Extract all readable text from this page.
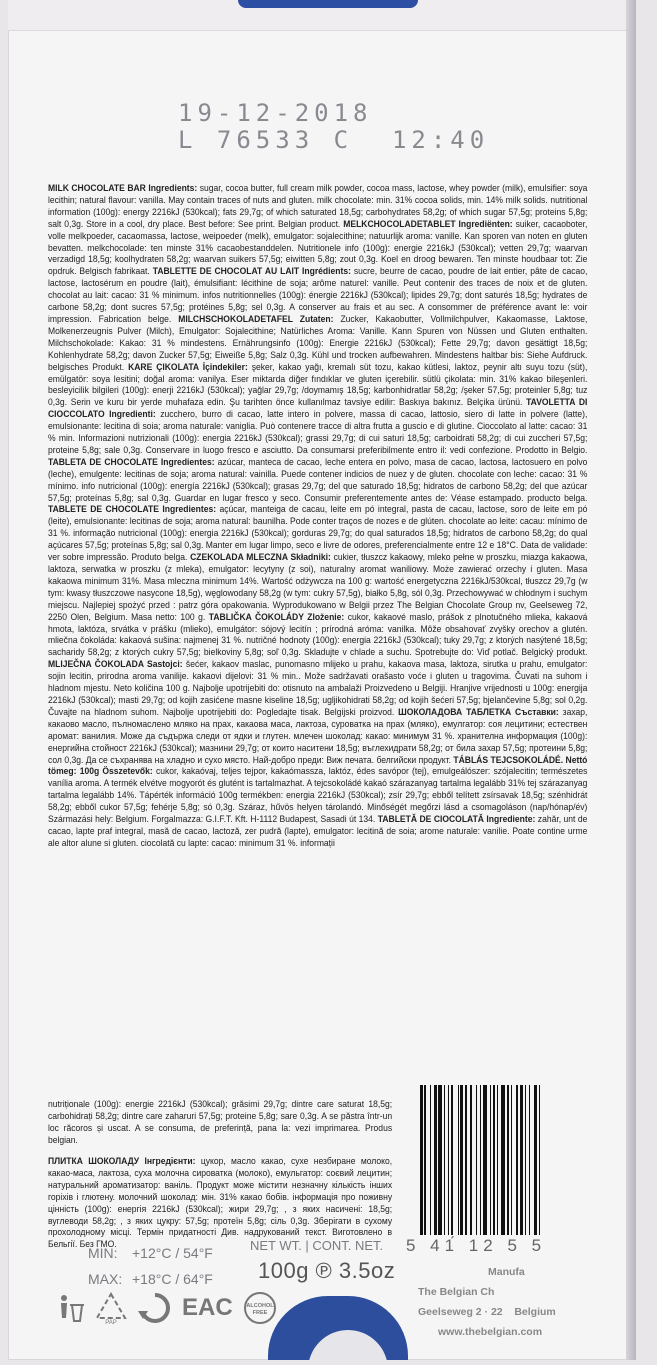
19-12-2018
L 76533 C  12:40

MILK CHOCOLATE BAR Ingredients: sugar, cocoa butter, full cream milk powder, cocoa mass, lactose, whey powder (milk), emulsifier: soya lecithin; natural flavour: vanilla. May contain traces of nuts and gluten. milk chocolate: min. 31% cocoa solids, min. 14% milk solids. nutritional information (100g): energy 2216kJ (530kcal); fats 29,7g; of which saturated 18,5g; carbohydrates 58,2g; of which sugar 57,5g; proteins 5,8g; salt 0,3g. Store in a cool, dry place. Best before: See print. Belgian product.

MELKCHOCOLADETABLET Ingrediënten: suiker, cacaoboter, volle melkpoeder, cacaomassa, lactose, weipoeder (melk), emulgator: sojalecithine; natuurlijk aroma: vanille. Kan sporen van noten en gluten bevatten. melkchocolade: ten minste 31% cacaobestanddelen. Nutritionele info (100g): energie 2216kJ (530kcal); vetten 29,7g; waarvan verzadigd 18,5g; koolhydraten 58,2g; waarvan suikers 57,5g; eiwitten 5,8g; zout 0,3g. Koel en droog bewaren. Ten minste houdbaar tot: Zie opdruk. Belgisch fabrikaat.

TABLETTE DE CHOCOLAT AU LAIT Ingrédients: sucre, beurre de cacao, poudre de lait entier, pâte de cacao, lactose, lactosérum en poudre (lait), émulsifiant: lécithine de soja; arôme naturel: vanille. Peut contenir des traces de noix et de gluten. chocolat au lait: cacao: 31 % minimum. infos nutritionnelles (100g): énergie 2216kJ (530kcal); lipides 29,7g; dont saturés 18,5g; hydrates de carbone 58,2g; dont sucres 57,5g; protéines 5,8g; sel 0,3g. A conserver au frais et au sec. A consommer de préférence avant le: voir impression. Fabrication belge.

MILCHSCHOKOLADETAFEL Zutaten: Zucker, Kakaobutter, Vollmilchpulver, Kakaomasse, Laktose, Molkenerzeugnis Pulver (Milch), Emulgator: Sojalecithine; Natürliches Aroma: Vanille. Kann Spuren von Nüssen und Gluten enthalten. Milchschokolade: Kakao: 31 % mindestens. Ernährungsinfo (100g): Energie 2216kJ (530kcal); Fette 29,7g; davon gesättigt 18,5g; Kohlenhydrate 58,2g; davon Zucker 57,5g; Eiweiße 5,8g; Salz 0,3g. Kühl und trocken aufbewahren. Mindestens haltbar bis: Siehe Aufdruck. belgisches Produkt.

KARE ÇIKOLATA İçindekiler: şeker, kakao yağı, kremalı süt tozu, kakao kütlesi, laktoz, peynir altı suyu tozu (süt), emülgatör: soya lesitini; doğal aroma: vanilya. Eser miktarda diğer fındıklar ve gluten içerebilir. sütlü çikolata: min. 31% kakao bileşenleri. besleyicilik bilgileri (100g): enerji 2216kJ (530kcal); yağlar 29,7g; /doymamış 18,5g; karbonhidratlar 58,2g; /şeker 57,5g; proteinler 5,8g; tuz 0,3g. Serin ve kuru bir yerde muhafaza edin. Şu tarihten önce kullanılmaz tavsiye edilir: Baskıya bakınız. Belçika ürünü.

TAVOLETTA DI CIOCCOLATO Ingredienti: zucchero, burro di cacao, latte intero in polvere, massa di cacao, lattosio, siero di latte in polvere (latte), emulsionante: lecitina di soia; aroma naturale: vaniglia. Può contenere tracce di altra frutta a guscio e di glutine. Cioccolato al latte: cacao: 31 % min. Informazioni nutrizionali (100g): energia 2216kJ (530kcal); grassi 29,7g; di cui saturi 18,5g; carboidrati 58,2g; di cui zuccheri 57,5g; proteine 5,8g; sale 0,3g. Conservare in luogo fresco e asciutto. Da consumarsi preferibilmente entro il: vedi confezione. Prodotto in Belgio.

TABLETA DE CHOCOLATE Ingredientes: azúcar, manteca de cacao, leche entera en polvo, masa de cacao, lactosa, lactosuero en polvo (leche), emulgente: lecitinas de soja; aroma natural: vainilla. Puede contener indicios de nuez y de gluten. chocolate con leche: cacao: 31 % mínimo. info nutricional (100g): energía 2216kJ (530kcal); grasas 29,7g; del que saturado 18,5g; hidratos de carbono 58,2g; del que azúcar 57,5g; proteínas 5,8g; sal 0,3g. Guardar en lugar fresco y seco. Consumir preferentemente antes de: Véase estampado. producto belga.

TABLETE DE CHOCOLATE Ingredientes: açúcar, manteiga de cacau, leite em pó integral, pasta de cacau, lactose, soro de leite em pó (leite), emulsionante: lecitinas de soja; aroma natural: baunilha. Pode conter traços de nozes e de glúten. chocolate ao leite: cacau: mínimo de 31 %. informação nutricional (100g): energia 2216kJ (530kcal); gorduras 29,7g; do qual saturados 18,5g; hidratos de carbono 58,2g; do qual açúcares 57,5g; proteínas 5,8g; sal 0,3g. Manter em lugar limpo, seco e livre de odores, preferencialmente entre 12 e 18°C. Data de validade: ver sobre impressão. Produto belga.

CZEKOLADA MLECZNA Składniki: cukier, tłuszcz kakaowy, mleko pełne w proszku, miazga kakaowa, laktoza, serwatka w proszku (z mleka), emulgator: lecytyny (z soi), naturalny aromat waniliowy. Może zawierać orzechy i gluten. Masa kakaowa minimum 31%. Masa mleczna minimum 14%. Wartość odżywcza na 100 g: wartość energetyczna 2216kJ/530kcal, tłuszcz 29,7g (w tym: kwasy tłuszczowe nasycone 18,5g), węglowodany 58,2g (w tym: cukry 57,5g), białko 5,8g, sól 0,3g. Przechowywać w chłodnym i suchym miejscu. Najlepiej spożyć przed : patrz góra opakowania. Wyprodukowano w Belgii przez The Belgian Chocolate Group nv, Geelseweg 72, 2250 Olen, Belgium. Masa netto: 100 g.

TABLIČKA ČOKOLÁDY Zloženie: cukor, kakaové maslo, prášok z plnotučného mlieka, kakaová hmota, laktóza, srvátka v prášku (mlieko), emulgátor: sójový lecitín ; prírodná aróma: vanilka. Môže obsahovať zvyšky orechov a glutén. mliečna čokoláda: kakaová sušina: najmenej 31 %. nutričné hodnoty (100g): energia 2216kJ (530kcal); tuky 29,7g; z ktorých nasýtené 18,5g; sacharidy 58,2g; z ktorých cukry 57,5g; bielkoviny 5,8g; soľ 0,3g. Skladujte v chlade a suchu. Spotrebujte do: Viď potlač. Belgický produkt.

MLIJEČNA ČOKOLADA Sastojci: šećer, kakaov maslac, punomasno mlijeko u prahu, kakaova masa, laktoza, sirutka u prahu, emulgator: sojin lecitin, prirodna aroma vanilije. kakaovi dijelovi: 31 % min.. Može sadržavati orašasto voće i gluten u tragovima. Čuvati na suhom i hladnom mjestu. Neto količina 100 g. Najbolje upotrijebiti do: otisnuto na ambalaži Proizvedeno u Belgiji. Hranjive vrijednosti u 100g: energija 2216kJ (530kcal); masti 29,7g; od kojih zasićene masne kiseline 18,5g; ugljikohidrati 58,2g; od kojih šećeri 57,5g; bjelančevine 5,8g; sol 0,2g. Čuvajte na hladnom suhom. Najbolje upotrijebiti do: Pogledajte tisak. Belgijski proizvod.

ШОКОЛАДОВА ТАБЛЕТКА Съставки: захар, какаово масло, пълномаслено мляко на прах, какаова маса, лактоза, суроватка на прах (мляко), емулгатор: соя лецитини; естествен аромат: ванилия. Може да съдържа следи от ядки и глутен. млечен шоколад: какао: минимум 31 %. хранителна информация (100g): енергийна стойност 2216kJ (530kcal); мазнини 29,7g; от които наситени 18,5g; въглехидрати 58,2g; от била захар 57,5g; протеини 5,8g; сол 0,3g. Да се съхранява на хладно и сухо място. Най-добро преди: Виж печата. белгийски продукт.

TÁBLÁS TEJCSOKOLÁDÉ. Nettó tömeg: 100g Összetevők: cukor, kakaóvaj, teljes tejpor, kakaómassza, laktóz, édes savópor (tej), emulgeálószer: szójalecitin; természetes vanília aroma. A termék elvétve mogyorót és glutént is tartalmazhat. A tejcsokoládé kakaó szárazanyag tartalma legalább 31% tej szárazanyag tartalma legalább 14%. Tápérték információ 100g termékben: energia 2216kJ (530kcal); zsír 29,7g; ebből telített zsírsavak 18,5g; szénhidrát 58,2g; ebből cukor 57,5g; fehérje 5,8g; só 0,3g. Száraz, hűvös helyen tárolandó. Minőségét megőrzi lásd a csomagoláson (nap/hónap/év) Származási hely: Belgium. Forgalmazza: G.I.F.T. Kft. H-1112 Budapest, Sasadi út 134.

TABLETĂ DE CIOCOLATĂ Ingrediente: zahăr, unt de cacao, lapte praf integral, masă de cacao, lactoză, zer pudră (lapte), emulgator: lecitină de soia; arome naturale: vanilie. Poate contine urme ale altor alune si gluten. ciocolată cu lapte: cacao: minimum 31 %. informații

nutriționale (100g): energie 2216kJ (530kcal); grăsimi 29,7g; dintre care saturat 18,5g; carbohidrați 58,2g; dintre care zaharuri 57,5g; proteine 5,8g; sare 0,3g. A se păstra într-un loc răcoros și uscat. A se consuma, de preferință, pana la: vezi imprimarea. Produs belgian.

ПЛИТКА ШОКОЛАДУ Інгредієнти: цукор, масло какао, сухе незбиране молоко, какао-маса, лактоза, суха молочна сироватка (молоко), емульгатор: соєвий лецитин; натуральний ароматизатор: ваніль. Продукт може містити незначну кількість інших горіхів і глютену. молочний шоколад: мін. 31% какао бобів. інформація про поживну цінність (100g): енергія 2216kJ (530kcal); жири 29,7g; , з яких насичені: 18,5g; вуглеводи 58,2g; , з яких цукру: 57,5g; протеїн 5,8g; сіль 0,3g. Зберігати в сухому прохолодному місці. Термін придатності Див. надрукований текст. Виготовлено в Бельгії. Без ГМО.

MIN: +12°C / 54°F
MAX: +18°C / 64°F
NET WT. | CONT. NET.
100g ℗ 3.5oz
5 41́ 12 5 5
Manufa
The Belgian Ch
Geelseweg 2 · 22 Belgium
www.thebelgian.com
PAP
EAC ALCOHOL
FREE
